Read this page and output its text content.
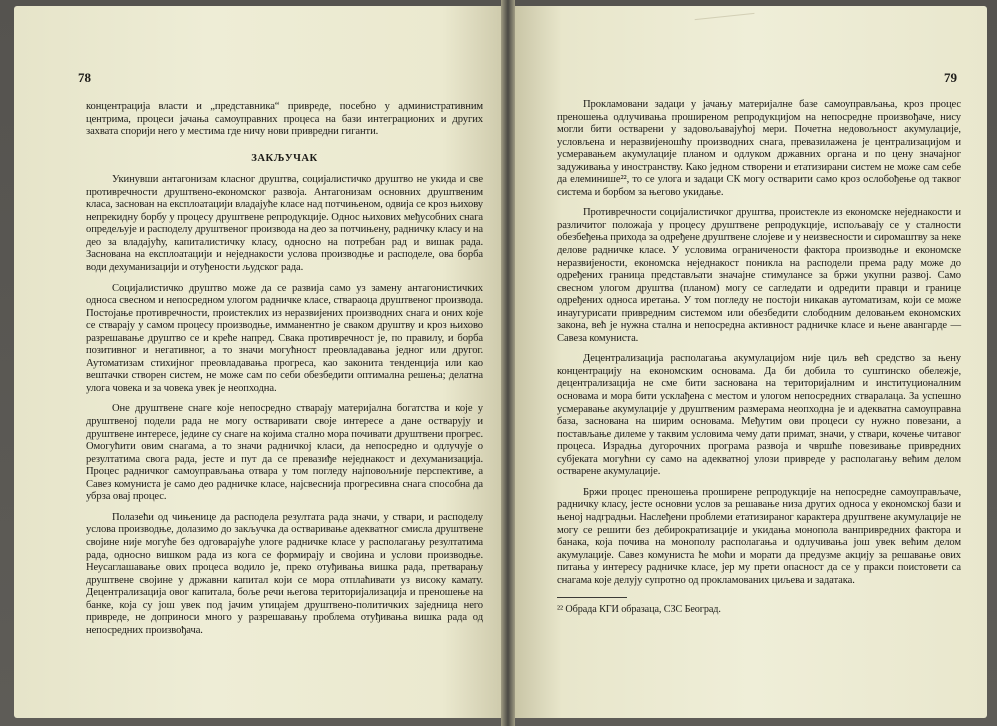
78

концентрација власти и „представника“ привреде, посебно у административним центрима, процеси јачања самоуправних процеса на бази интеграционих и других захвата спорији него у местима где ничу нови привредни гиганти.

ЗАКЉУЧАК

Укинувши антагонизам класног друштва, социјалистичко друштво не укида и све противречности друштвено-економског развоја. Антагонизам основних друштвеним класа, заснован на експлоатацији владајуће класе над потчињеном, одвија се кроз њихову непрекидну борбу у процесу друштвене репродукције. Однос њихових међусобних снага опредељује и расподелу друштвеног производа на део за потчињену, радничку класу и на део за владајућу, капиталистичку класу, односно на потребан рад и вишак рада. Заснована на експлоатацији и неједнакости услова производње и расподеле, ова борба води дехуманизацији и отуђености људског рада.

Социјалистичко друштво може да се развија само уз замену антагонистичких односа свесном и непосредном улогом радничке класе, ствараоца друштвеног производа. Постојање противречности, проистеклих из неразвијених производних снага и оних које се стварају у самом процесу производње, имманентно је сваком друштву и кроз њихово разрешавање друштво се и креће напред. Свака противречност је, по правилу, и борба позитивног и негативног, а то значи могућност преовладавања једног или другог. Аутоматизам стихијног преовладавања прогреса, као законита тенденција или као вештачки створен систем, не може сам по себи обезбедити оптимална решења; делатна улога човека и за човека увек је неопходна.

Оне друштвене снаге које непосредно стварају материјална богатства и које у друштвеној подели рада не могу остваривати своје интересе а дане остварују и друштвене интересе, једине су снаге на којима стално мора почивати друштвени прогрес. Омогућити овим снагама, а то значи радничкој класи, да непосредно и одлучује о резултатима свога рада, јесте и пут да се превазиђе неједнакост и дехуманизација. Процес радничког самоуправљања отвара у том погледу најповољније перспективе, а Савез комуниста је само део радничке класе, најсвеснија прогресивна снага способна да убрза овај процес.

Полазећи од чињенице да расподела резултата рада значи, у ствари, и расподелу услова производње, долазимо до закључка да остваривање адекватног смисла друштвене својине није могуће без одговарајуће улоге радничке класе у располагању резултатима рада, односно вишком рада из кога се формирају и својина и услови производње. Неусаглашавање ових процеса водило је, преко отуђивања вишка рада, претварању друштвене својине у државни капитал који се мора отплаћивати уз високу камату. Децентрализација овог капитала, боље речи његова територијализација и преношење на банке, која су још увек под јачим утицајем друштвено-политичких заједница него привреде, не доприноси много у разрешавању проблема отуђивања вишка рада од непосредних произвођача.

79

Прокламовани задаци у јачању материјалне базе самоуправљања, кроз процес преношења одлучивања проширеном репродукцијом на непосредне произвођаче, нису могли бити остварени у задовољавајућој мери. Почетна недовољност акумулације, условљена и неразвијеношћу производних снага, превазилажена је централизацијом и усмеравањем акумулације планом и одлуком државних органа и по цену значајног задуживања у иностранству. Како једном створени и етатизирани систем не може сам себе да елеминише²², то се улога и задаци СК могу остварити само кроз ослобођење од таквог система и борбом за његово укидање.

Противречности социјалистичког друштва, проистекле из економске неједнакости и различитог положаја у процесу друштвене репродукције, испољавају се у сталности обезбеђења прихода за одређене друштвене слојеве и у неизвесности и сиромаштву за неке делове радничке класе. У условима ограничености фактора производње и економске неразвијености, економска неједнакост поникла на расподели према раду може до одређених граница представљати значајне стимулансе за бржи укупни развој. Само свесном улогом друштва (планом) могу се сагледати и одредити правци и границе одређених односа иретања. У том погледу не постоји никакав аутоматизам, који се може инаугурисати привредним системом или обезбедити слободним деловањем економских закона, већ је нужна стална и непосредна активност радничке класе и њене авангарде — Савеза комуниста.

Децентрализација располагања акумулацијом није циљ већ средство за њену концентрацију на економским основама. Да би добила то суштинско обележје, децентрализација не сме бити заснована на територијалним и институционалним основама и мора бити усклађена с местом и улогом непосредних стваралаца. За успешно усмеравање акумулације у друштвеним размерама неопходна је и адекватна самоуправна база, заснована на ширим основама. Међутим ови процеси су нужно повезани, а постављање дилеме у таквим условима чему дати примат, значи, у ствари, кочење читавог процеса. Израдња дугорочних програма развоја и чвршће повезивање привредних субјеката могућни су само на адекватној улози привреде у располагању већим делом остварене акумулације.

Бржи процес преношења проширене репродукције на непосредне самоуправљаче, радничку класу, јесте основни услов за решавање низа других односа у економској бази и њеној надградњи. Наслеђени проблеми етатизираног карактера друштвене акумулације не могу се решити без дебирократизације и укидања монопола ванпривредних фактора и банака, која почива на монополу располагања и одлучивања још увек већим делом акумулације. Савез комуниста ће моћи и морати да предузме акцију за решавање ових питања у интересу радничке класе, јер му прети опасност да се у пракси поистовети са снагама које делују супротно од прокламованих циљева и задатака.

²² Обрада КГИ образаца, СЗС Београд.
